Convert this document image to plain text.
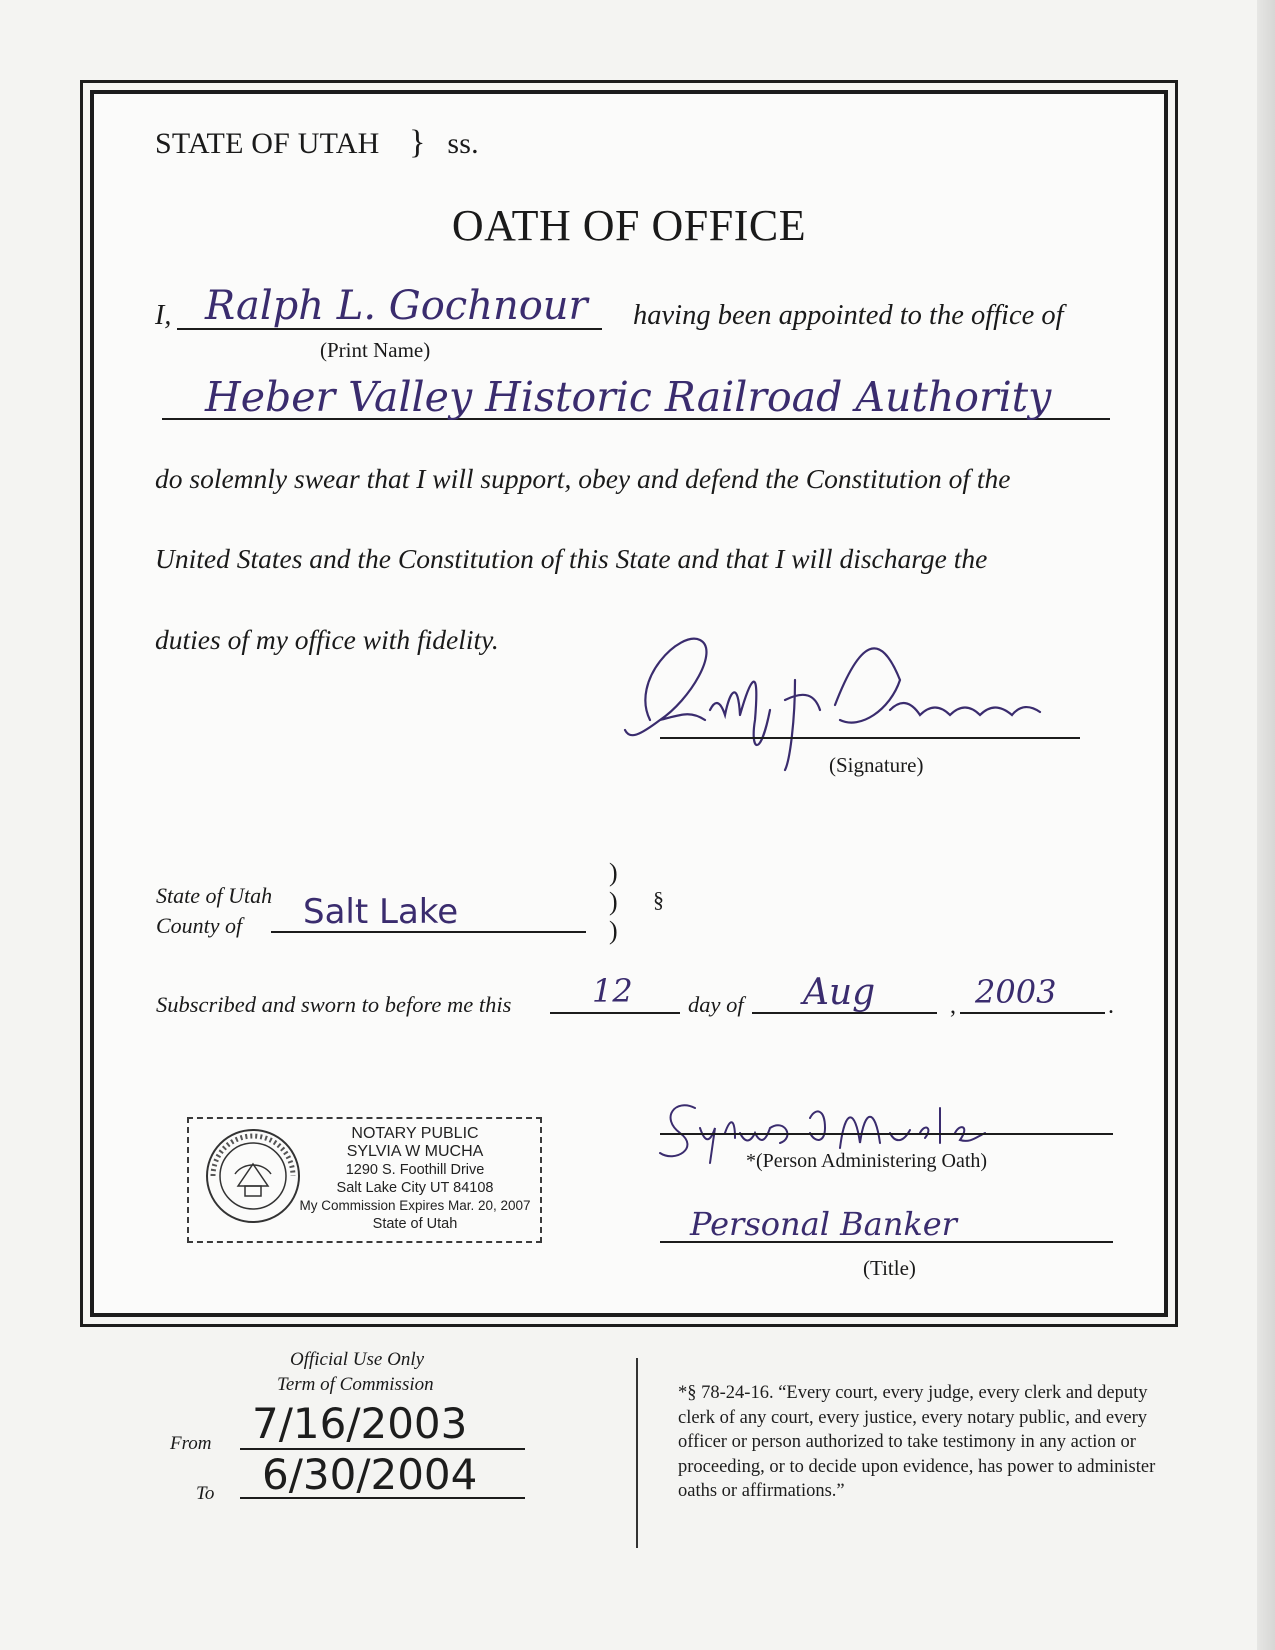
STATE OF UTAH } ss.
OATH OF OFFICE
I, Ralph L. Gochnour
(Print Name)
having been appointed to the office of
Heber Valley Historic Railroad Authority
do solemnly swear that I will support, obey and defend the Constitution of the
United States and the Constitution of this State and that I will discharge the
duties of my office with fidelity.
(Signature)
State of Utah
County of Salt Lake
)
)
)
§
Subscribed and sworn to before me this	12 day of Aug	, 2003 .
NOTARY PUBLIC
SYLVIA W MUCHA
1290 S. Foothill Drive
Salt Lake City UT 84108
My Commission Expires Mar. 20, 2007
State of Utah
*(Person Administering Oath)
Personal Banker
(Title)
Official Use Only
Term of Commission
From 7/16/2003
To 6/30/2004
*§ 78-24-16. “Every court, every judge, every clerk and deputy clerk of any court, every justice, every notary public, and every officer or person authorized to take testimony in any action or proceeding, or to decide upon evidence, has power to administer oaths or affirmations.”
